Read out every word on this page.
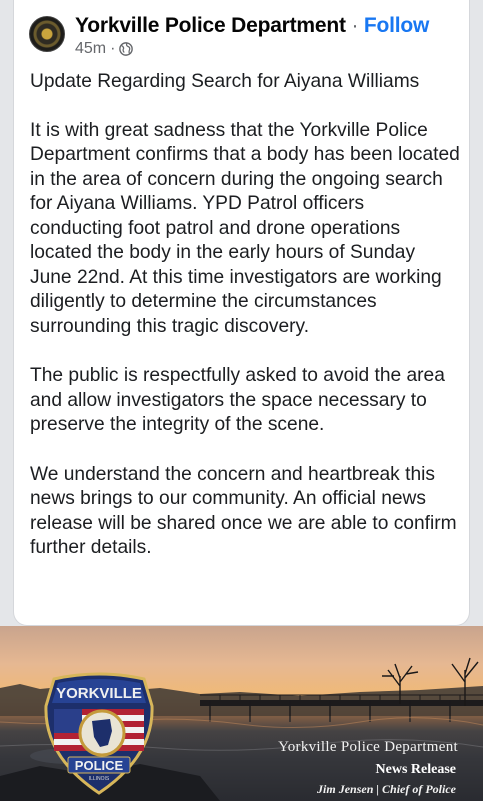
Yorkville Police Department · Follow
45m ·

Update Regarding Search for Aiyana Williams

It is with great sadness that the Yorkville Police Department confirms that a body has been located in the area of concern during the ongoing search for Aiyana Williams. YPD Patrol officers conducting foot patrol and drone operations located the body in the early hours of Sunday June 22nd. At this time investigators are working diligently to determine the circumstances surrounding this tragic discovery.

The public is respectfully asked to avoid the area and allow investigators the space necessary to preserve the integrity of the scene.

We understand the concern and heartbreak this news brings to our community. An official news release will be shared once we are able to confirm further details.

YORKVILLE
POLICE
ILLINOIS
Yorkville Police Department
News Release
Jim Jensen | Chief of Police
